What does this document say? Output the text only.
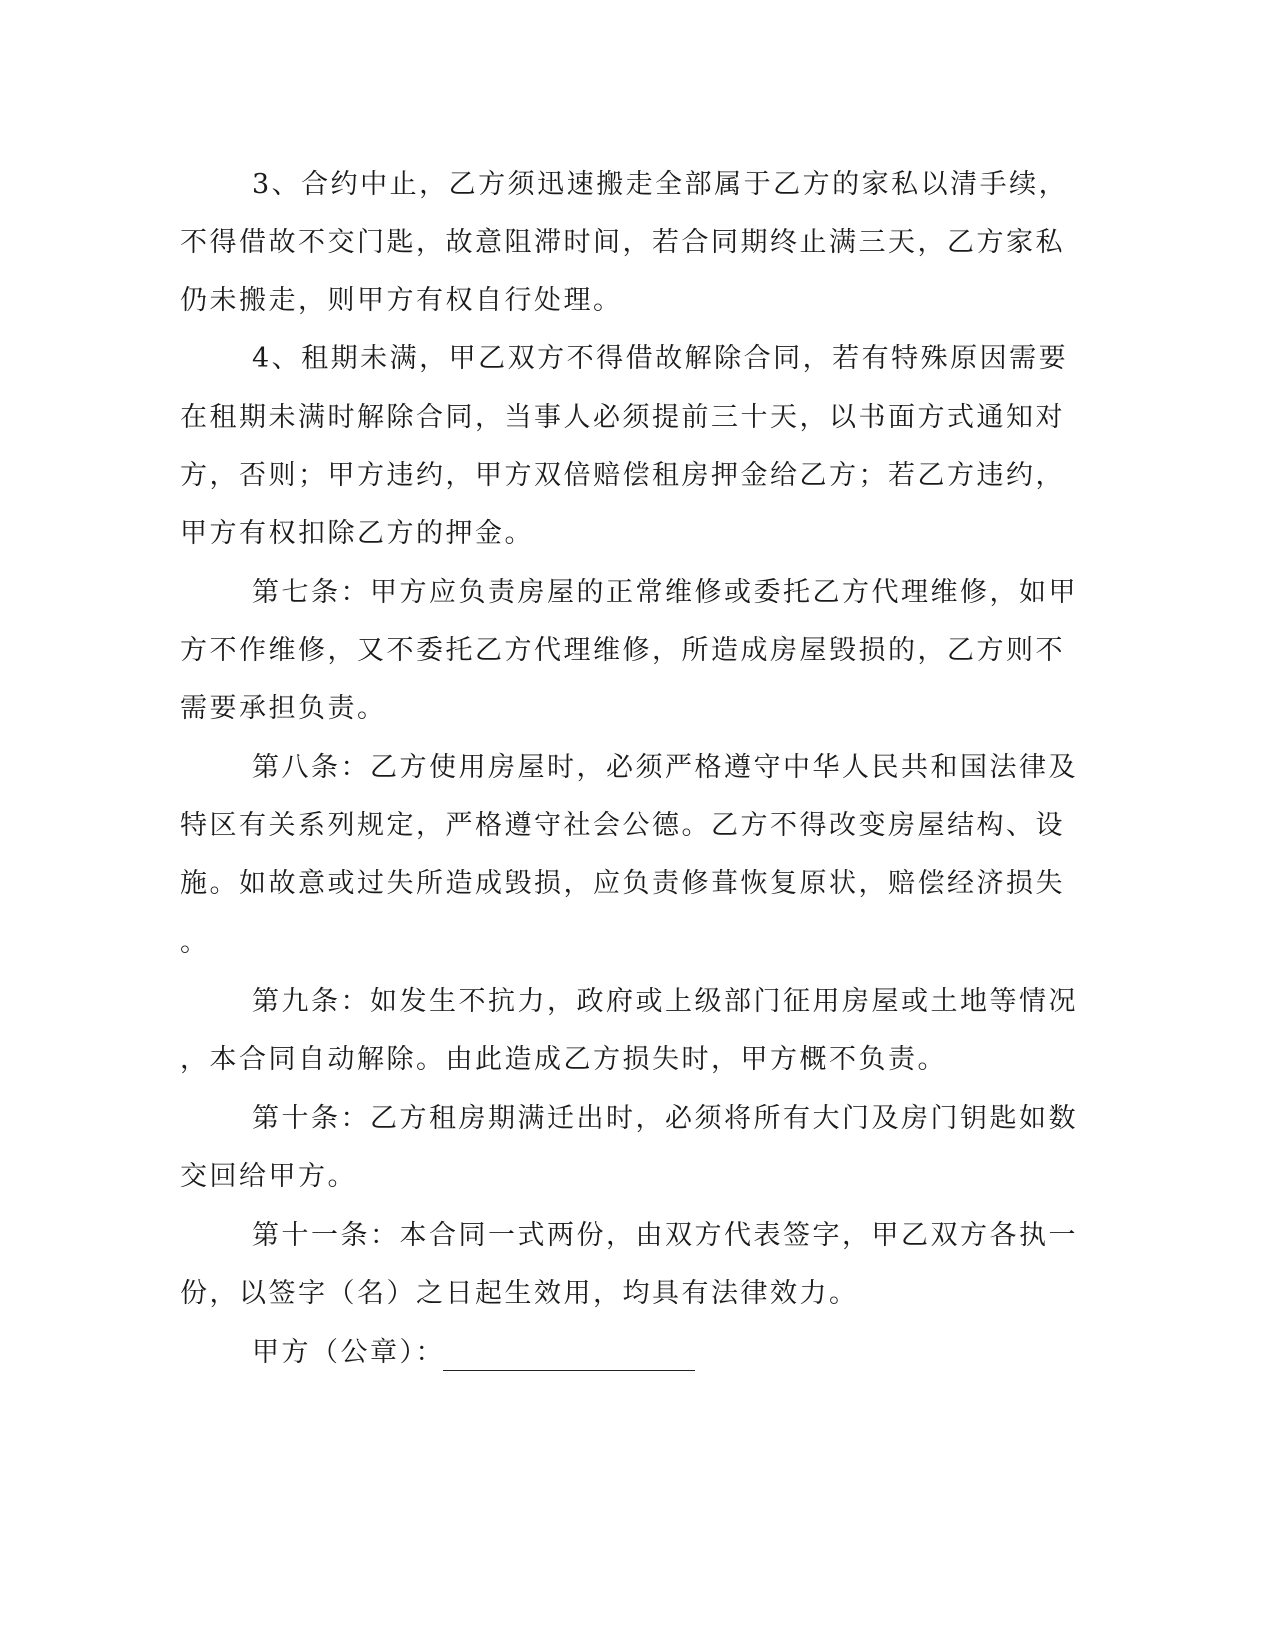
3、合约中止，乙方须迅速搬走全部属于乙方的家私以清手续，
不得借故不交门匙，故意阻滞时间，若合同期终止满三天，乙方家私
仍未搬走，则甲方有权自行处理。
4、租期未满，甲乙双方不得借故解除合同，若有特殊原因需要
在租期未满时解除合同，当事人必须提前三十天，以书面方式通知对
方，否则；甲方违约，甲方双倍赔偿租房押金给乙方；若乙方违约，
甲方有权扣除乙方的押金。
第七条：甲方应负责房屋的正常维修或委托乙方代理维修，如甲
方不作维修，又不委托乙方代理维修，所造成房屋毁损的，乙方则不
需要承担负责。
第八条：乙方使用房屋时，必须严格遵守中华人民共和国法律及
特区有关系列规定，严格遵守社会公德。乙方不得改变房屋结构、设
施。如故意或过失所造成毁损，应负责修葺恢复原状，赔偿经济损失
。
第九条：如发生不抗力，政府或上级部门征用房屋或土地等情况
，本合同自动解除。由此造成乙方损失时，甲方概不负责。
第十条：乙方租房期满迁出时，必须将所有大门及房门钥匙如数
交回给甲方。
第十一条：本合同一式两份，由双方代表签字，甲乙双方各执一
份，以签字（名）之日起生效用，均具有法律效力。
甲方（公章）：
